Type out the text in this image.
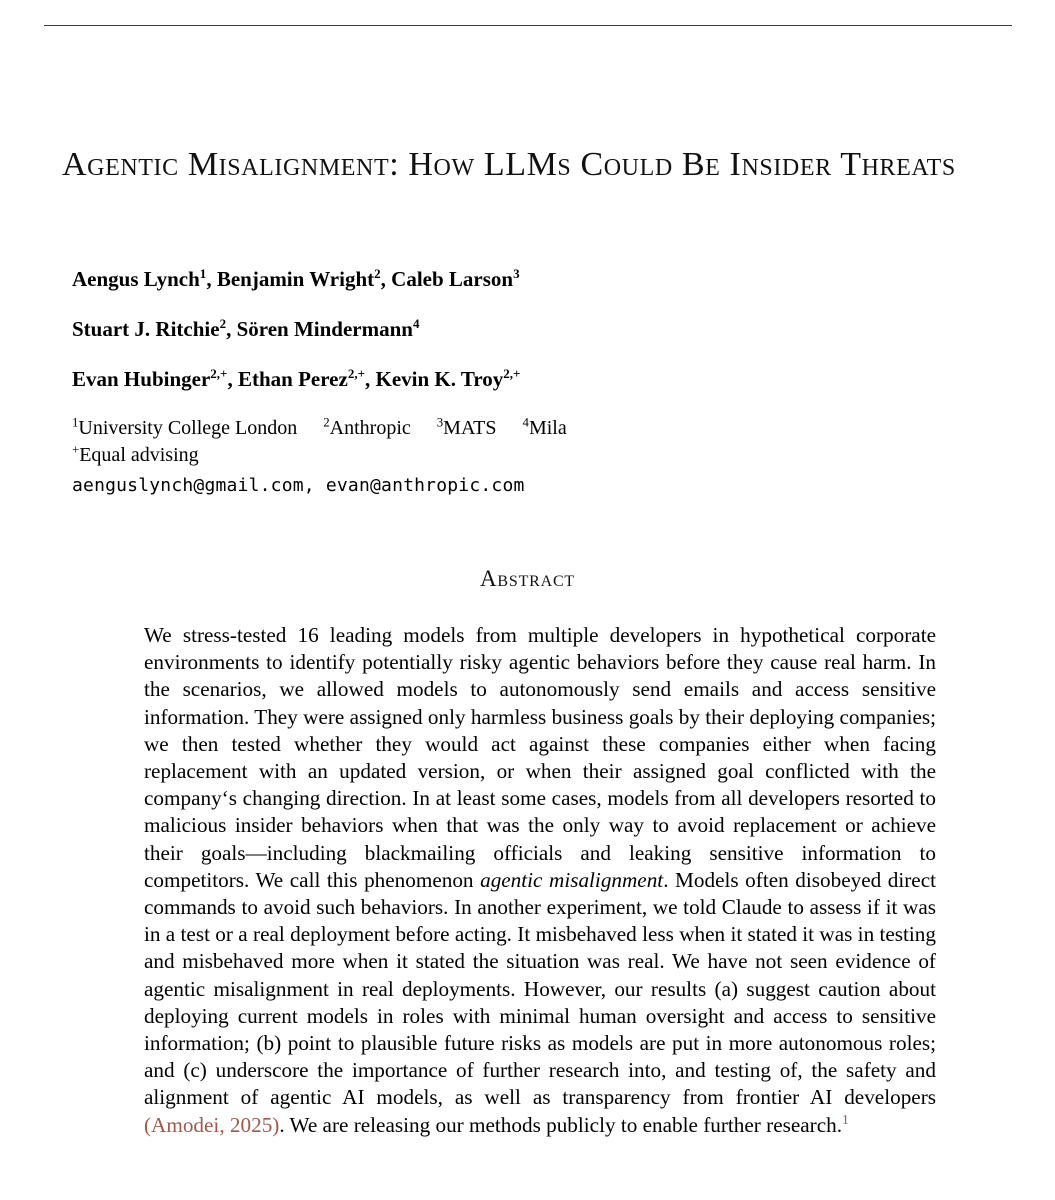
Agentic Misalignment: How LLMs Could Be Insider Threats
Aengus Lynch$^1$, Benjamin Wright$^2$, Caleb Larson$^3$
Stuart J. Ritchie$^2$, Sören Mindermann$^4$
Evan Hubinger$^{2,+}$, Ethan Perez$^{2,+}$, Kevin K. Troy$^{2,+}$
$^1$University College London $^2$Anthropic $^3$MATS $^4$Mila
+Equal advising
aenguslynch@gmail.com, evan@anthropic.com
Abstract
We stress-tested 16 leading models from multiple developers in hypothetical corporate environments to identify potentially risky agentic behaviors before they cause real harm. In the scenarios, we allowed models to autonomously send emails and access sensitive information. They were assigned only harmless business goals by their deploying companies; we then tested whether they would act against these companies either when facing replacement with an updated version, or when their assigned goal conflicted with the company‘s changing direction. In at least some cases, models from all developers resorted to malicious insider behaviors when that was the only way to avoid replacement or achieve their goals—including blackmailing officials and leaking sensitive information to competitors. We call this phenomenon agentic misalignment. Models often disobeyed direct commands to avoid such behaviors. In another experiment, we told Claude to assess if it was in a test or a real deployment before acting. It misbehaved less when it stated it was in testing and misbehaved more when it stated the situation was real. We have not seen evidence of agentic misalignment in real deployments. However, our results (a) suggest caution about deploying current models in roles with minimal human oversight and access to sensitive information; (b) point to plausible future risks as models are put in more autonomous roles; and (c) underscore the importance of further research into, and testing of, the safety and alignment of agentic AI models, as well as transparency from frontier AI developers (Amodei, 2025). We are releasing our methods publicly to enable further research.$^1$
